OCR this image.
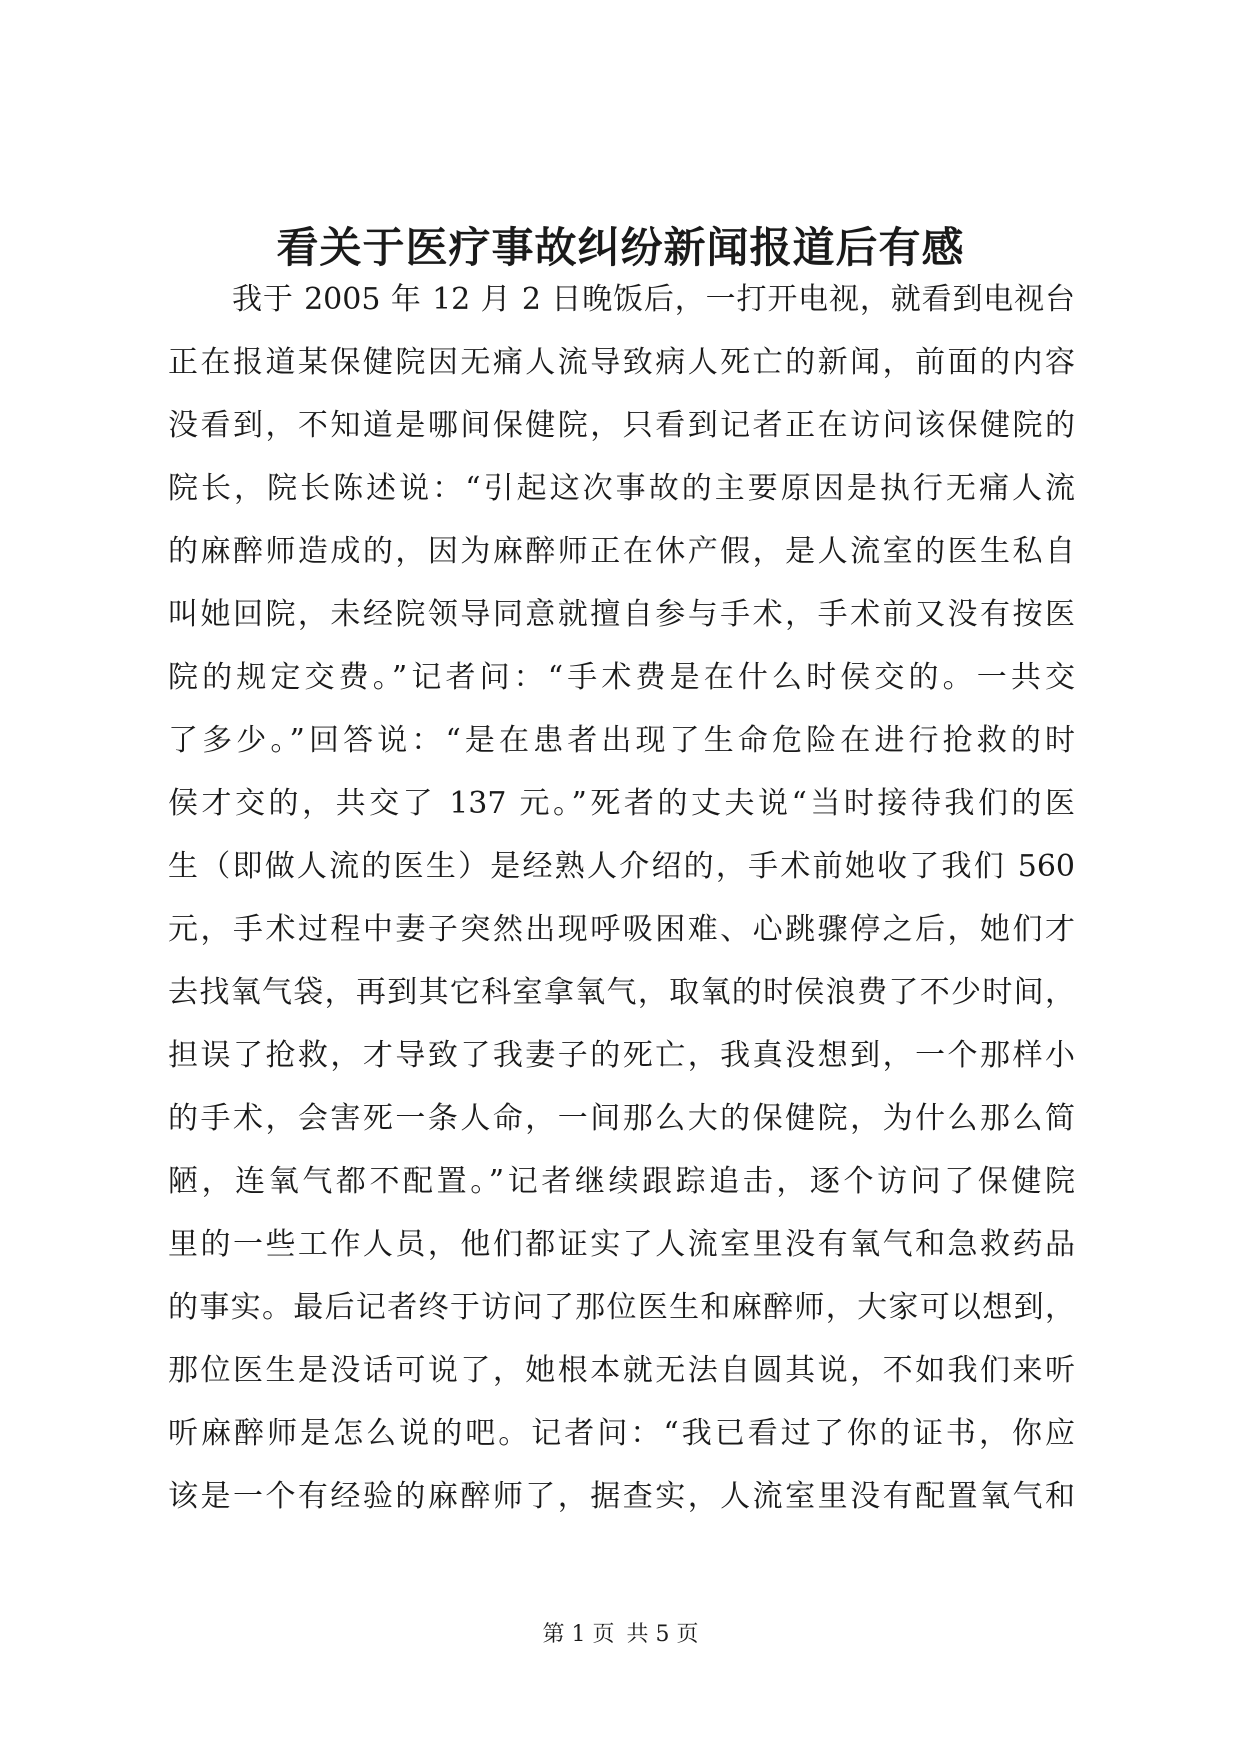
看关于医疗事故纠纷新闻报道后有感
我于 2005 年 12 月 2 日晚饭后，一打开电视，就看到电视台
正在报道某保健院因无痛人流导致病人死亡的新闻，前面的内容
没看到，不知道是哪间保健院，只看到记者正在访问该保健院的
院长，院长陈述说：“引起这次事故的主要原因是执行无痛人流
的麻醉师造成的，因为麻醉师正在休产假，是人流室的医生私自
叫她回院，未经院领导同意就擅自参与手术，手术前又没有按医
院的规定交费。”记者问：“手术费是在什么时侯交的。一共交
了多少。”回答说：“是在患者出现了生命危险在进行抢救的时
侯才交的，共交了 137 元。”死者的丈夫说“当时接待我们的医
生（即做人流的医生）是经熟人介绍的，手术前她收了我们 560
元，手术过程中妻子突然出现呼吸困难、心跳骤停之后，她们才
去找氧气袋，再到其它科室拿氧气，取氧的时侯浪费了不少时间，
担误了抢救，才导致了我妻子的死亡，我真没想到，一个那样小
的手术，会害死一条人命，一间那么大的保健院，为什么那么简
陋，连氧气都不配置。”记者继续跟踪追击，逐个访问了保健院
里的一些工作人员，他们都证实了人流室里没有氧气和急救药品
的事实。最后记者终于访问了那位医生和麻醉师，大家可以想到，
那位医生是没话可说了，她根本就无法自圆其说，不如我们来听
听麻醉师是怎么说的吧。记者问：“我已看过了你的证书，你应
该是一个有经验的麻醉师了，据查实，人流室里没有配置氧气和
第 1 页 共 5 页
